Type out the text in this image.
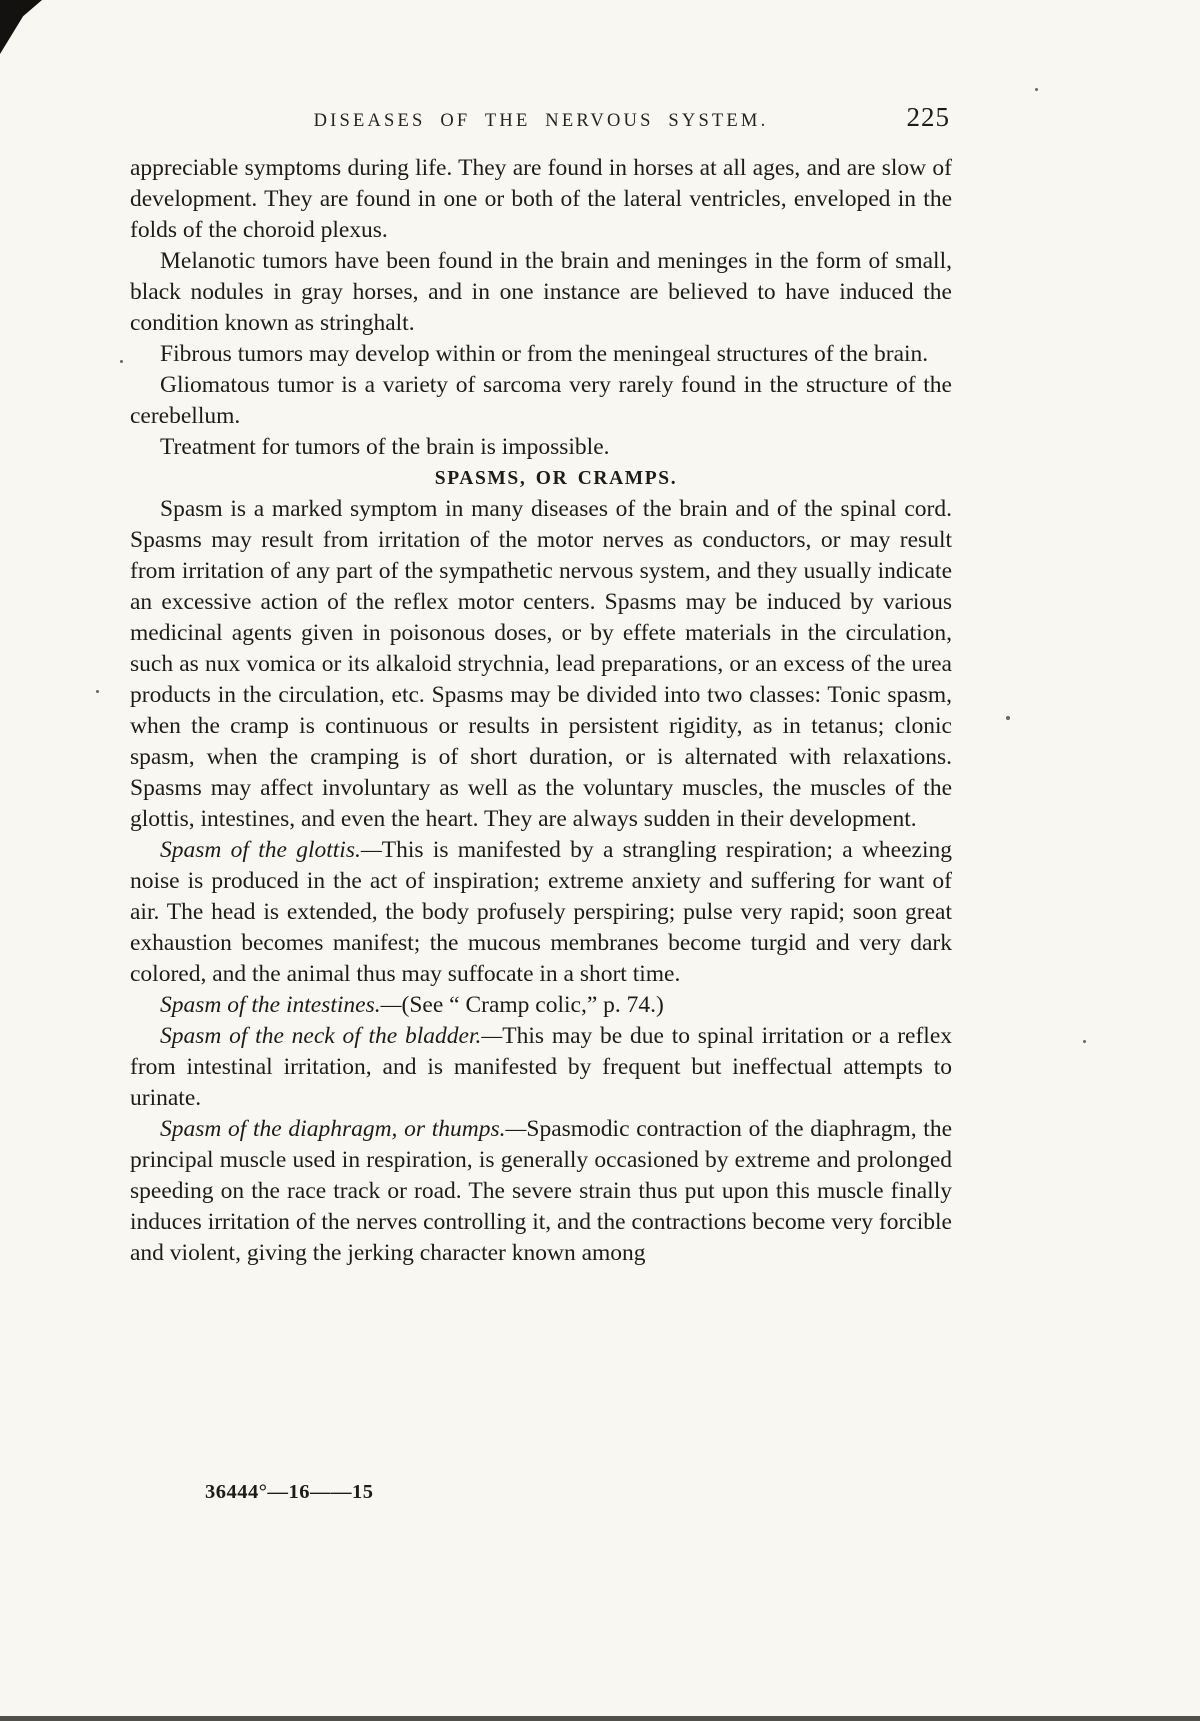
DISEASES OF THE NERVOUS SYSTEM.	225

appreciable symptoms during life. They are found in horses at all ages, and are slow of development. They are found in one or both of the lateral ventricles, enveloped in the folds of the choroid plexus.

Melanotic tumors have been found in the brain and meninges in the form of small, black nodules in gray horses, and in one instance are believed to have induced the condition known as stringhalt.

Fibrous tumors may develop within or from the meningeal structures of the brain.

Gliomatous tumor is a variety of sarcoma very rarely found in the structure of the cerebellum.

Treatment for tumors of the brain is impossible.

SPASMS, OR CRAMPS.

Spasm is a marked symptom in many diseases of the brain and of the spinal cord. Spasms may result from irritation of the motor nerves as conductors, or may result from irritation of any part of the sympathetic nervous system, and they usually indicate an excessive action of the reflex motor centers. Spasms may be induced by various medicinal agents given in poisonous doses, or by effete materials in the circulation, such as nux vomica or its alkaloid strychnia, lead preparations, or an excess of the urea products in the circulation, etc. Spasms may be divided into two classes: Tonic spasm, when the cramp is continuous or results in persistent rigidity, as in tetanus; clonic spasm, when the cramping is of short duration, or is alternated with relaxations. Spasms may affect involuntary as well as the voluntary muscles, the muscles of the glottis, intestines, and even the heart. They are always sudden in their development.

Spasm of the glottis.—This is manifested by a strangling respiration; a wheezing noise is produced in the act of inspiration; extreme anxiety and suffering for want of air. The head is extended, the body profusely perspiring; pulse very rapid; soon great exhaustion becomes manifest; the mucous membranes become turgid and very dark colored, and the animal thus may suffocate in a short time.

Spasm of the intestines.—(See “ Cramp colic,” p. 74.)

Spasm of the neck of the bladder.—This may be due to spinal irritation or a reflex from intestinal irritation, and is manifested by frequent but ineffectual attempts to urinate.

Spasm of the diaphragm, or thumps.—Spasmodic contraction of the diaphragm, the principal muscle used in respiration, is generally occasioned by extreme and prolonged speeding on the race track or road. The severe strain thus put upon this muscle finally induces irritation of the nerves controlling it, and the contractions become very forcible and violent, giving the jerking character known among

36444°—16——15
